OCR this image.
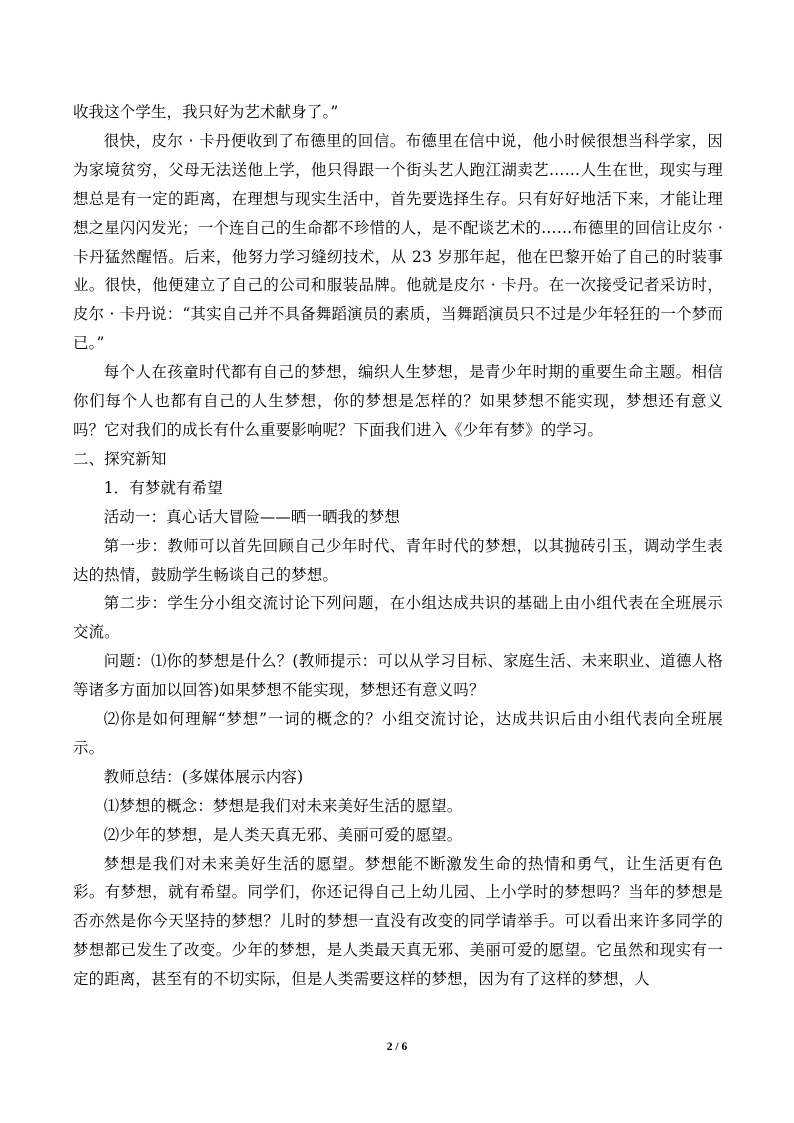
收我这个学生，我只好为艺术献身了。”

很快，皮尔 · 卡丹便收到了布德里的回信。布德里在信中说，他小时候很想当科学家，因为家境贫穷，父母无法送他上学，他只得跟一个街头艺人跑江湖卖艺……人生在世，现实与理想总是有一定的距离，在理想与现实生活中，首先要选择生存。只有好好地活下来，才能让理想之星闪闪发光；一个连自己的生命都不珍惜的人，是不配谈艺术的……布德里的回信让皮尔 · 卡丹猛然醒悟。后来，他努力学习缝纫技术，从 23 岁那年起，他在巴黎开始了自己的时装事业。很快，他便建立了自己的公司和服装品牌。他就是皮尔 · 卡丹。在一次接受记者采访时，皮尔 · 卡丹说：“其实自己并不具备舞蹈演员的素质，当舞蹈演员只不过是少年轻狂的一个梦而已。”

每个人在孩童时代都有自己的梦想，编织人生梦想，是青少年时期的重要生命主题。相信你们每个人也都有自己的人生梦想，你的梦想是怎样的？如果梦想不能实现，梦想还有意义吗？它对我们的成长有什么重要影响呢？下面我们进入《少年有梦》的学习。

二、探究新知

1．有梦就有希望

活动一：真心话大冒险——晒一晒我的梦想

第一步：教师可以首先回顾自己少年时代、青年时代的梦想，以其抛砖引玉，调动学生表达的热情，鼓励学生畅谈自己的梦想。

第二步：学生分小组交流讨论下列问题，在小组达成共识的基础上由小组代表在全班展示交流。

问题：⑴你的梦想是什么？(教师提示：可以从学习目标、家庭生活、未来职业、道德人格等诸多方面加以回答)如果梦想不能实现，梦想还有意义吗？

⑵你是如何理解“梦想”一词的概念的？小组交流讨论，达成共识后由小组代表向全班展示。

教师总结：(多媒体展示内容)

⑴梦想的概念：梦想是我们对未来美好生活的愿望。

⑵少年的梦想，是人类天真无邪、美丽可爱的愿望。

梦想是我们对未来美好生活的愿望。梦想能不断激发生命的热情和勇气，让生活更有色彩。有梦想，就有希望。同学们，你还记得自己上幼儿园、上小学时的梦想吗？当年的梦想是否亦然是你今天坚持的梦想？儿时的梦想一直没有改变的同学请举手。可以看出来许多同学的梦想都已发生了改变。少年的梦想，是人类最天真无邪、美丽可爱的愿望。它虽然和现实有一定的距离，甚至有的不切实际，但是人类需要这样的梦想，因为有了这样的梦想，人

2 / 6
